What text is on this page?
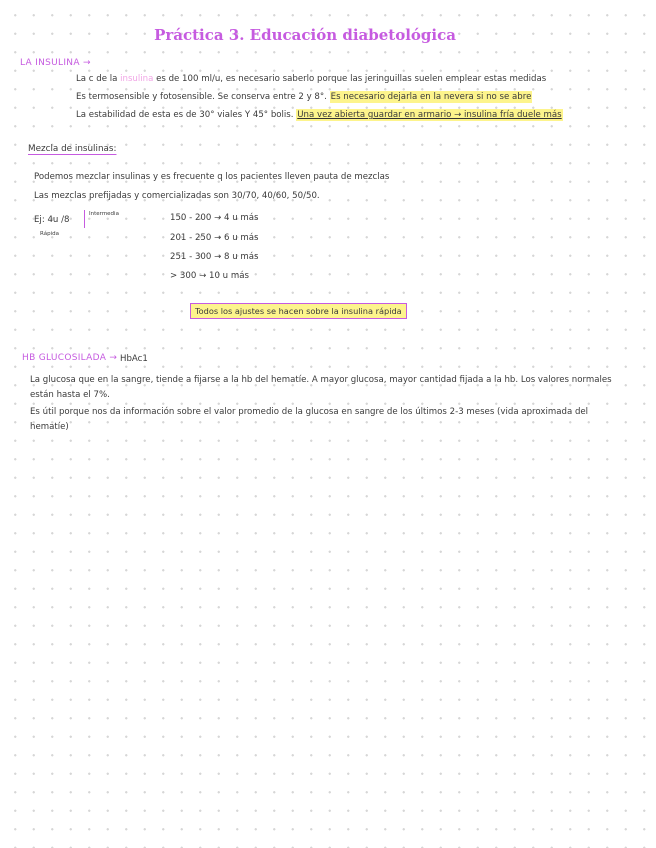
Práctica 3. Educación diabetológica
LA INSULINA →
La c de la insulina es de 100 ml/u, es necesario saberlo porque las jeringuillas suelen emplear estas medidas
Es termosensible y fotosensible. Se conserva entre 2 y 8°. Es necesario dejarla en la nevera si no se abre
La estabilidad de esta es de 30° viales Y 45° bolis. Una vez abierta guardar en armario → insulina fría duele más
Mezcla de insulinas:
Podemos mezclar insulinas y es frecuente q los pacientes lleven pauta de mezclas
Las mezclas prefijadas y comercializadas son 30/70, 40/60, 50/50.
Ej: 4u /8
Intermedia
Rápida
150 - 200 → 4 u más
201 - 250 → 6 u más
251 - 300 → 8 u más
> 300 → 10 u más
Todos los ajustes se hacen sobre la insulina rápida
HB GLUCOSILADA → HbAc1
La glucosa que en la sangre, tiende a fijarse a la hb del hematíe. A mayor glucosa, mayor cantidad fijada a la hb. Los valores normales están hasta el 7%.
Es útil porque nos da información sobre el valor promedio de la glucosa en sangre de los últimos 2-3 meses (vida aproximada del hematíe)
